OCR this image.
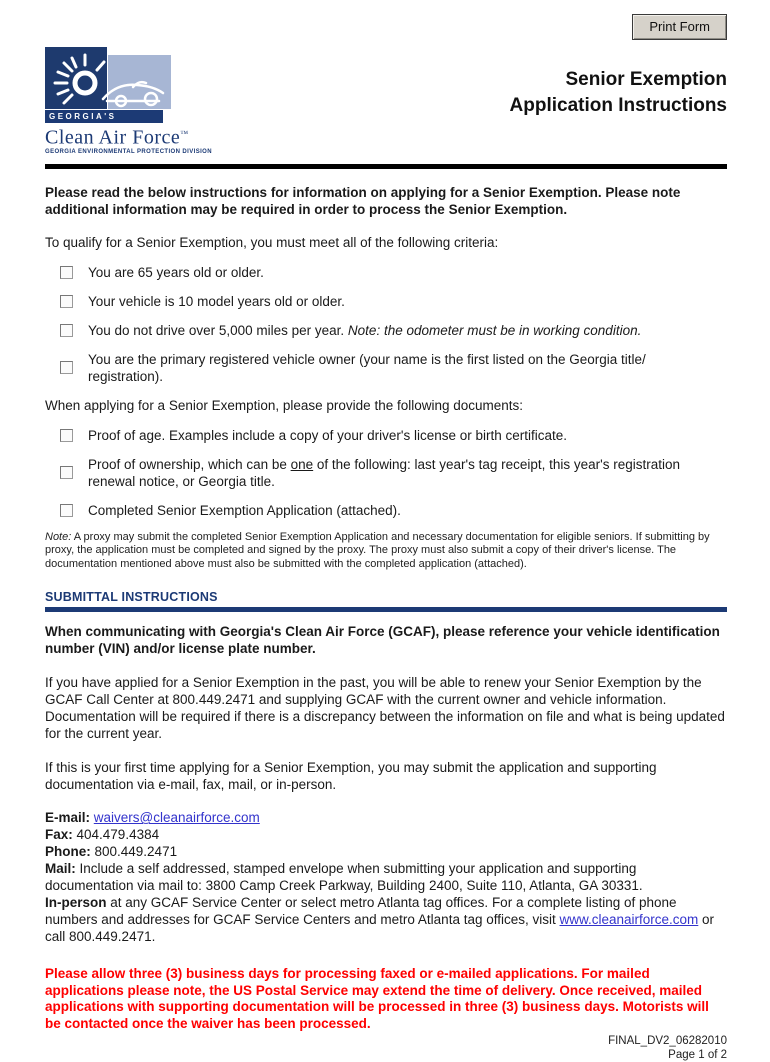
Print Form
GEORGIA'S
Clean Air Force™
GEORGIA ENVIRONMENTAL PROTECTION DIVISION
Senior Exemption
Application Instructions
Please read the below instructions for information on applying for a Senior Exemption. Please note additional information may be required in order to process the Senior Exemption.
To qualify for a Senior Exemption, you must meet all of the following criteria:
You are 65 years old or older.
Your vehicle is 10 model years old or older.
You do not drive over 5,000 miles per year. Note: the odometer must be in working condition.
You are the primary registered vehicle owner (your name is the first listed on the Georgia title/ registration).
When applying for a Senior Exemption, please provide the following documents:
Proof of age. Examples include a copy of your driver's license or birth certificate.
Proof of ownership, which can be one of the following: last year's tag receipt, this year's registration renewal notice, or Georgia title.
Completed Senior Exemption Application (attached).
Note: A proxy may submit the completed Senior Exemption Application and necessary documentation for eligible seniors. If submitting by proxy, the application must be completed and signed by the proxy. The proxy must also submit a copy of their driver's license. The documentation mentioned above must also be submitted with the completed application (attached).
SUBMITTAL INSTRUCTIONS
When communicating with Georgia's Clean Air Force (GCAF), please reference your vehicle identification number (VIN) and/or license plate number.
If you have applied for a Senior Exemption in the past, you will be able to renew your Senior Exemption by the GCAF Call Center at 800.449.2471 and supplying GCAF with the current owner and vehicle information. Documentation will be required if there is a discrepancy between the information on file and what is being updated for the current year.
If this is your first time applying for a Senior Exemption, you may submit the application and supporting documentation via e-mail, fax, mail, or in-person.
E-mail: waivers@cleanairforce.com
Fax: 404.479.4384
Phone: 800.449.2471
Mail: Include a self addressed, stamped envelope when submitting your application and supporting documentation via mail to: 3800 Camp Creek Parkway, Building 2400, Suite 110, Atlanta, GA 30331.
In-person at any GCAF Service Center or select metro Atlanta tag offices. For a complete listing of phone numbers and addresses for GCAF Service Centers and metro Atlanta tag offices, visit www.cleanairforce.com or call 800.449.2471.
Please allow three (3) business days for processing faxed or e-mailed applications. For mailed applications please note, the US Postal Service may extend the time of delivery. Once received, mailed applications with supporting documentation will be processed in three (3) business days. Motorists will be contacted once the waiver has been processed.
FINAL_DV2_06282010
Page 1 of 2
